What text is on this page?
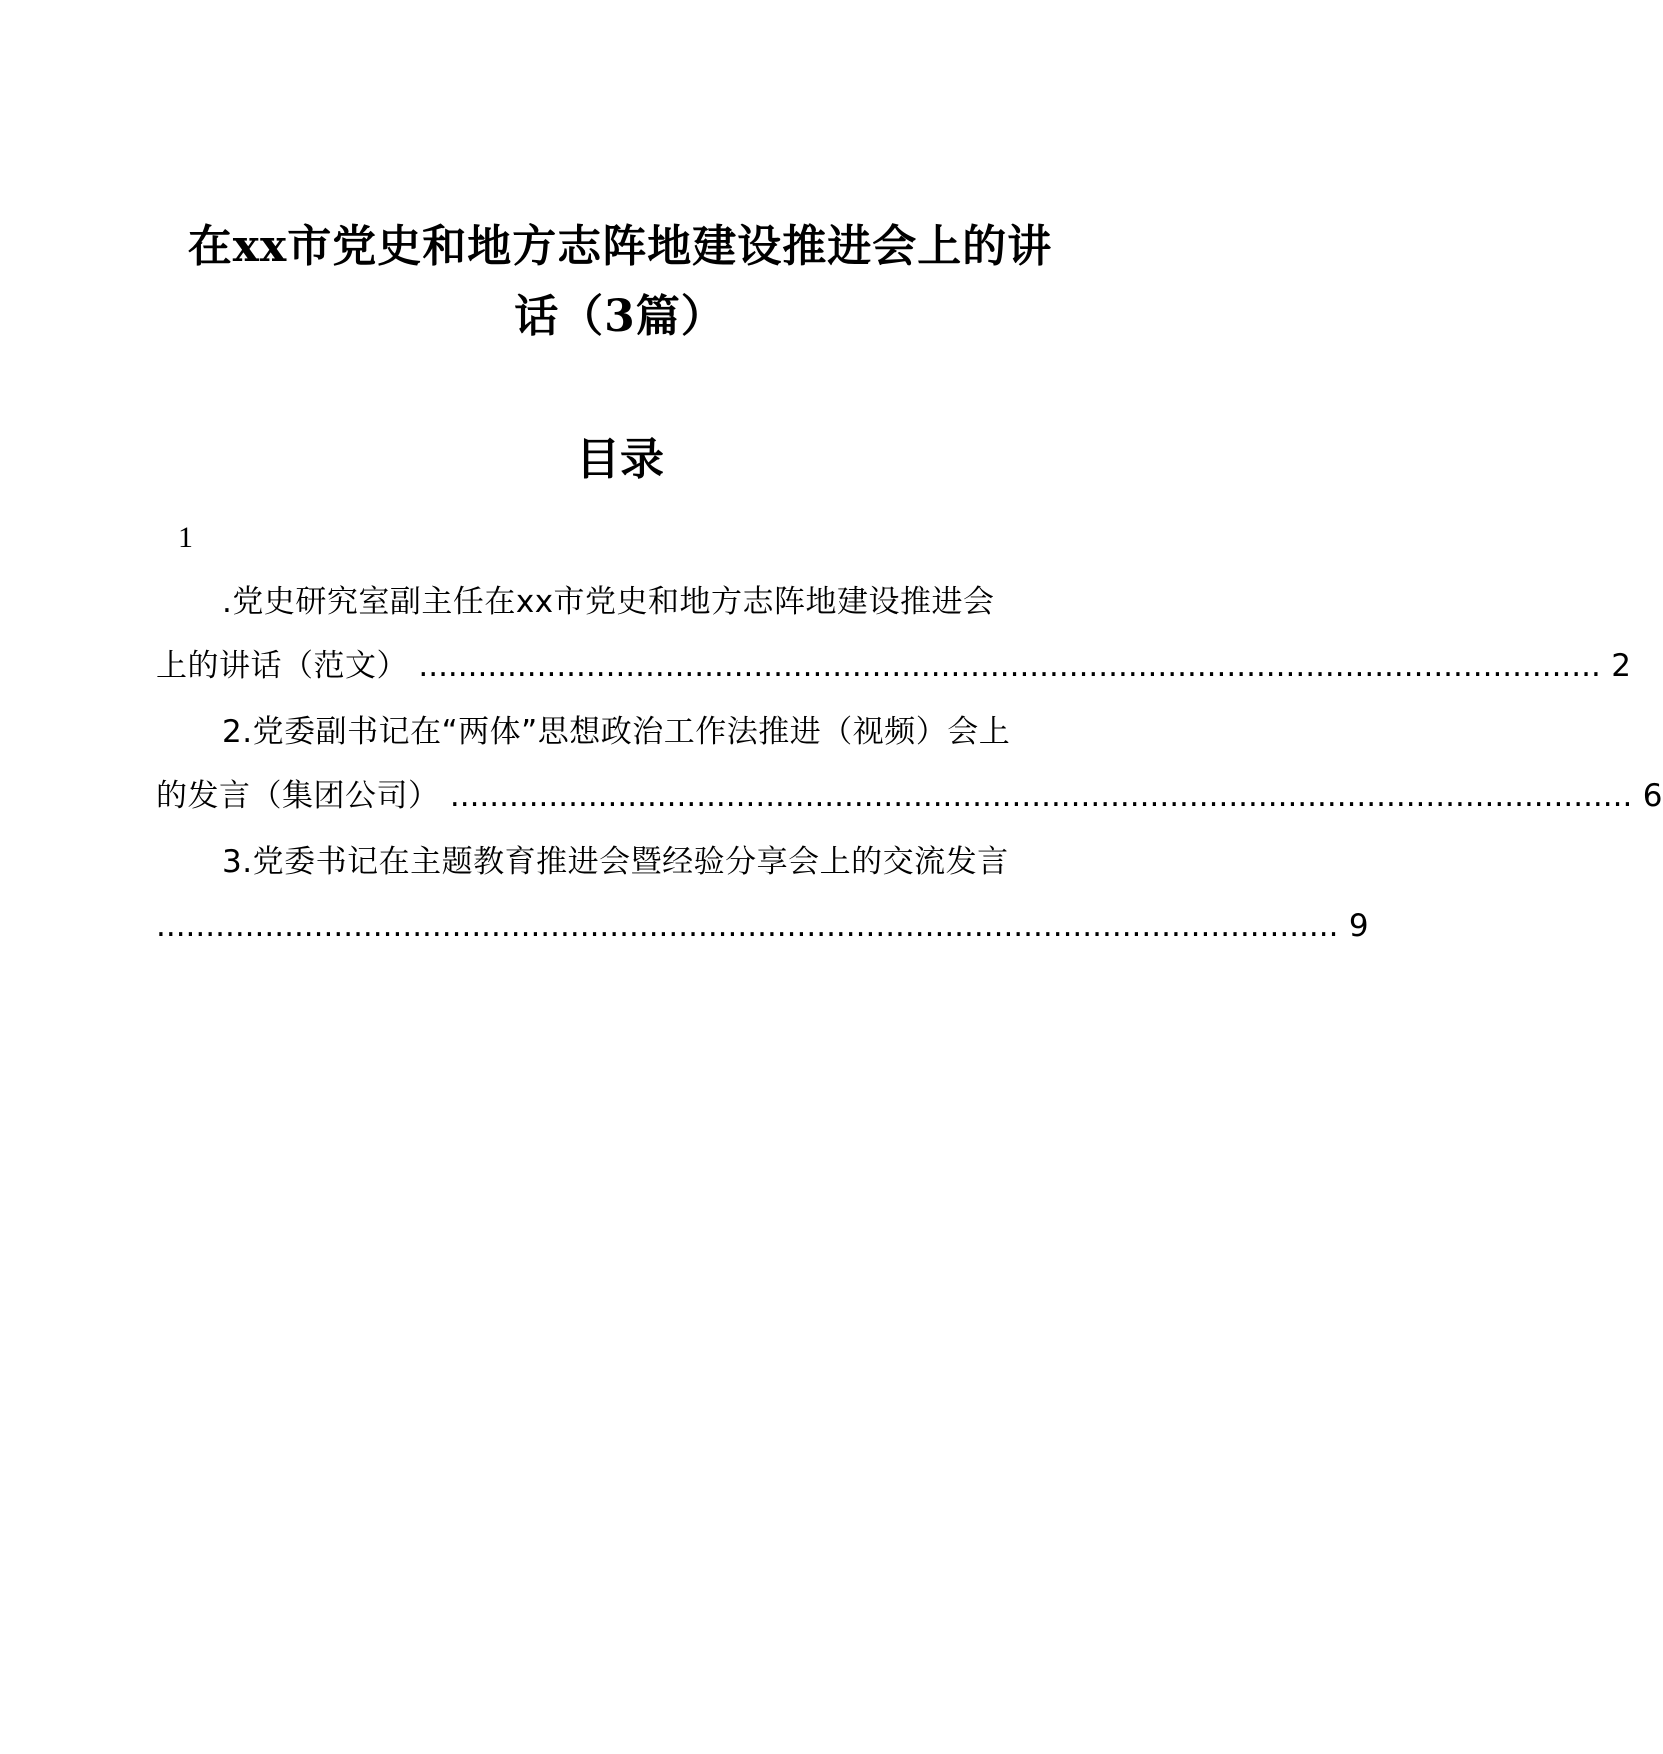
在xx市党史和地方志阵地建设推进会上的讲
话（3篇）
目录
1
.党史研究室副主任在xx市党史和地方志阵地建设推进会
上的讲话（范文） ........................................................................................................................ 2
2.党委副书记在“两体”思想政治工作法推进（视频）会上
的发言（集团公司） ........................................................................................................................ 6
3.党委书记在主题教育推进会暨经验分享会上的交流发言
........................................................................................................................ 9
